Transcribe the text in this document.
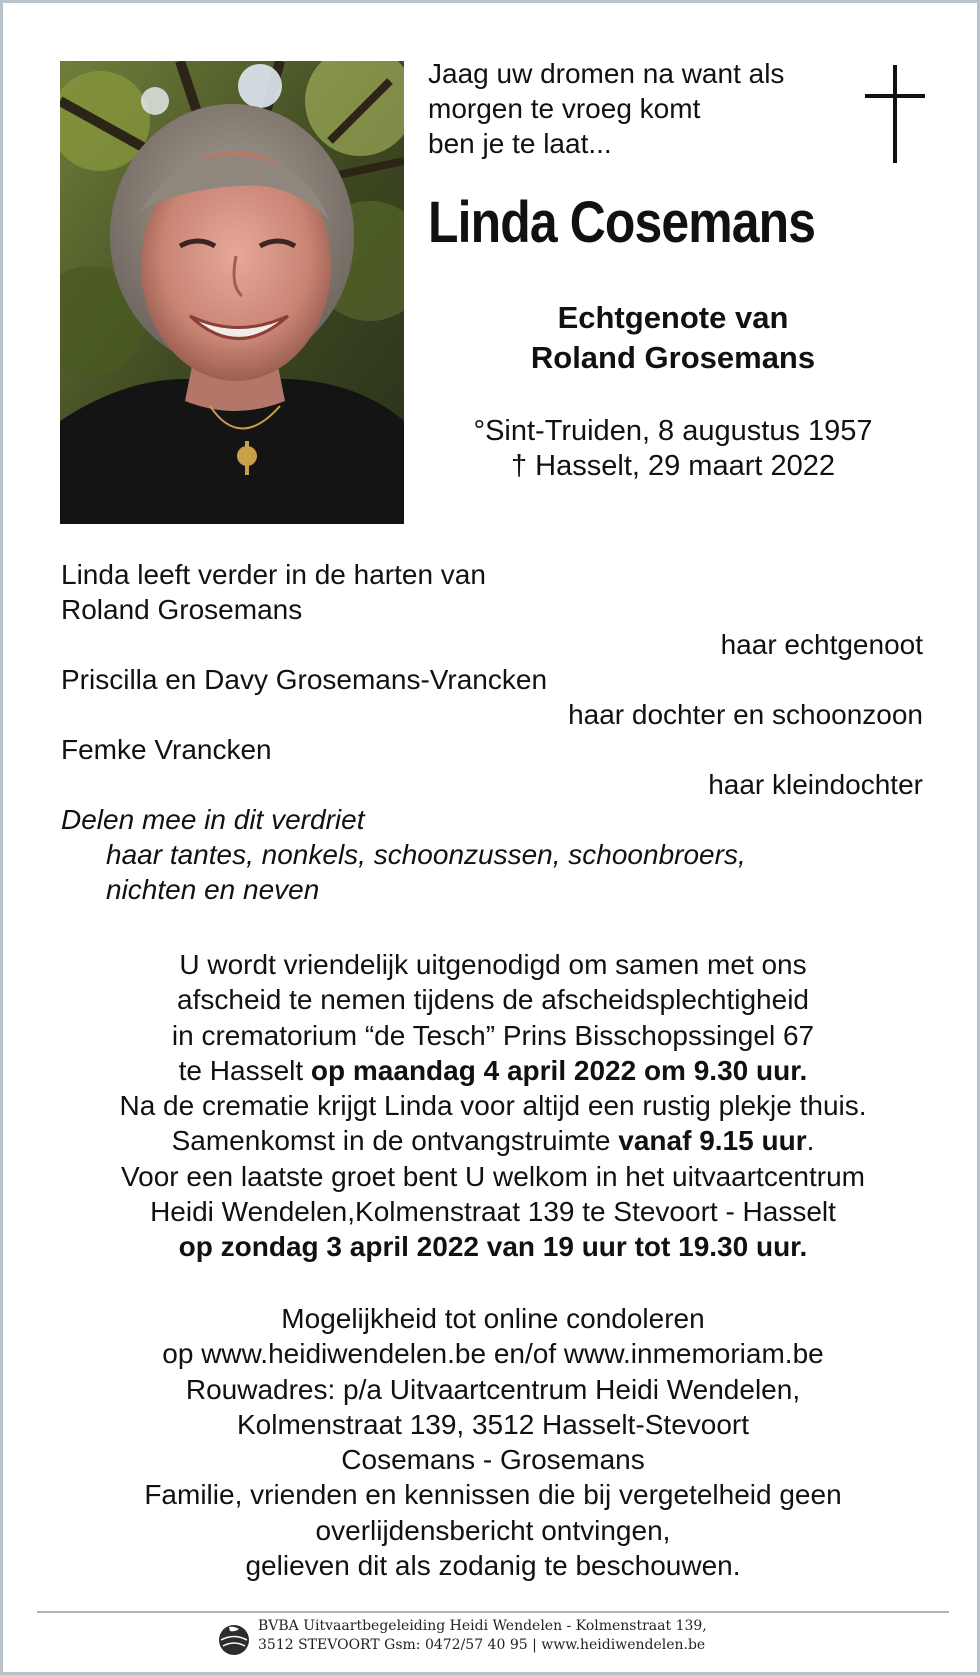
Jaag uw dromen na want als
morgen te vroeg komt
ben je te laat...
Linda Cosemans
Echtgenote van
Roland Grosemans
°Sint-Truiden, 8 augustus 1957
† Hasselt, 29 maart 2022
Linda leeft verder in de harten van
Roland Grosemans
haar echtgenoot
Priscilla en Davy Grosemans-Vrancken
haar dochter en schoonzoon
Femke Vrancken
haar kleindochter
Delen mee in dit verdriet
haar tantes, nonkels, schoonzussen, schoonbroers,
nichten en neven
U wordt vriendelijk uitgenodigd om samen met ons
afscheid te nemen tijdens de afscheidsplechtigheid
in crematorium “de Tesch” Prins Bisschopssingel 67
te Hasselt op maandag 4 april 2022 om 9.30 uur.
Na de crematie krijgt Linda voor altijd een rustig plekje thuis.
Samenkomst in de ontvangstruimte vanaf 9.15 uur.
Voor een laatste groet bent U welkom in het uitvaartcentrum
Heidi Wendelen,Kolmenstraat 139 te Stevoort - Hasselt
op zondag 3 april 2022 van 19 uur tot 19.30 uur.
Mogelijkheid tot online condoleren
op www.heidiwendelen.be en/of www.inmemoriam.be
Rouwadres: p/a Uitvaartcentrum Heidi Wendelen,
Kolmenstraat 139, 3512 Hasselt-Stevoort
Cosemans - Grosemans
Familie, vrienden en kennissen die bij vergetelheid geen
overlijdensbericht ontvingen,
gelieven dit als zodanig te beschouwen.
BVBA Uitvaartbegeleiding Heidi Wendelen - Kolmenstraat 139,
3512 STEVOORT Gsm: 0472/57 40 95 | www.heidiwendelen.be
